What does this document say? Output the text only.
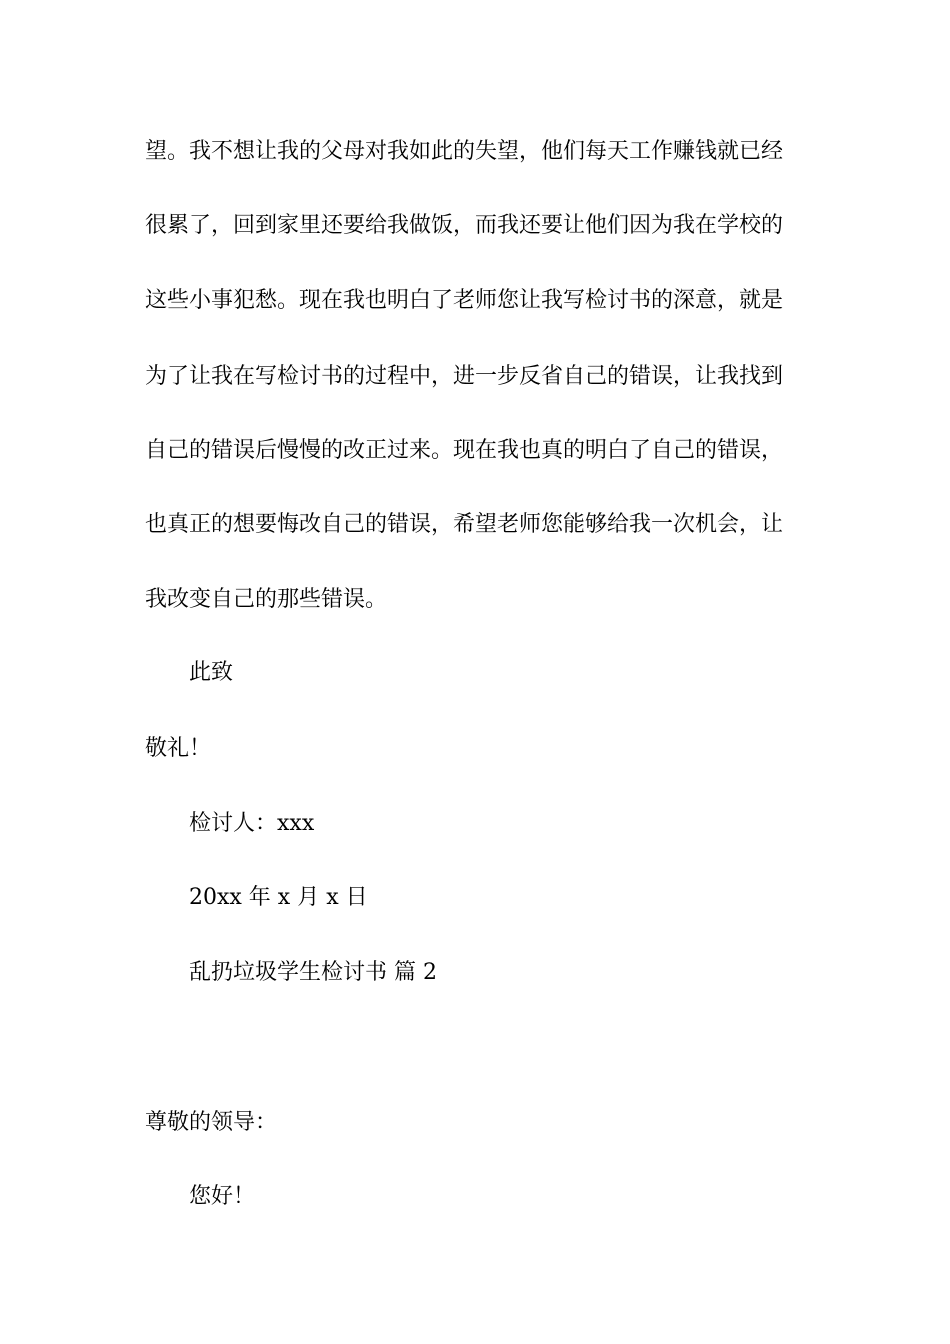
望。我不想让我的父母对我如此的失望，他们每天工作赚钱就已经
很累了，回到家里还要给我做饭，而我还要让他们因为我在学校的
这些小事犯愁。现在我也明白了老师您让我写检讨书的深意，就是
为了让我在写检讨书的过程中，进一步反省自己的错误，让我找到
自己的错误后慢慢的改正过来。现在我也真的明白了自己的错误，
也真正的想要悔改自己的错误，希望老师您能够给我一次机会，让
我改变自己的那些错误。
此致
敬礼！
检讨人：xxx
20xx 年 x 月 x 日
乱扔垃圾学生检讨书 篇 2
尊敬的领导：
您好！
